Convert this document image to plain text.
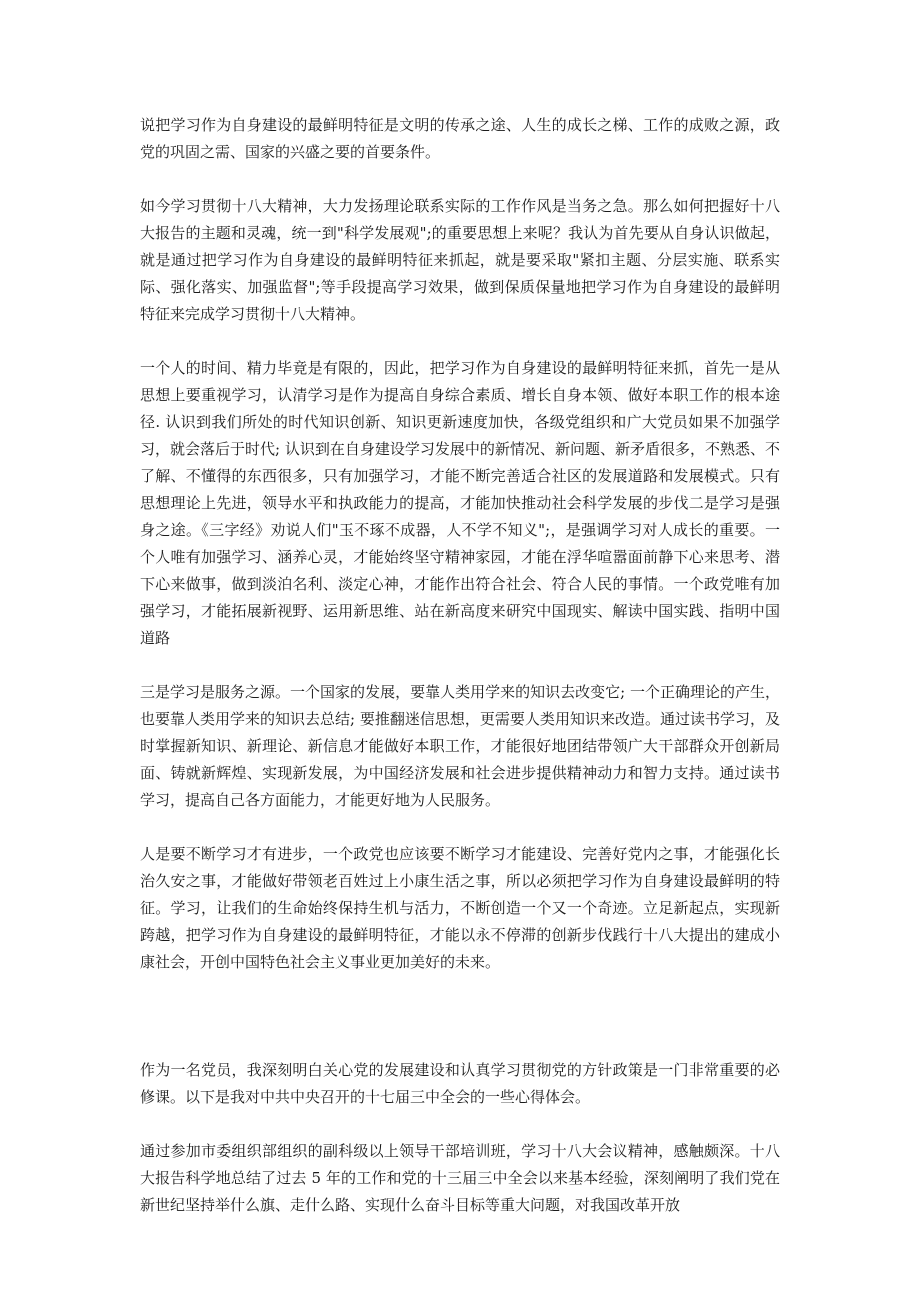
说把学习作为自身建设的最鲜明特征是文明的传承之途、人生的成长之梯、工作的成败之源，政党的巩固之需、国家的兴盛之要的首要条件。

如今学习贯彻十八大精神，大力发扬理论联系实际的工作作风是当务之急。那么如何把握好十八大报告的主题和灵魂，统一到"科学发展观";的重要思想上来呢？我认为首先要从自身认识做起，就是通过把学习作为自身建设的最鲜明特征来抓起，就是要采取"紧扣主题、分层实施、联系实际、强化落实、加强监督";等手段提高学习效果，做到保质保量地把学习作为自身建设的最鲜明特征来完成学习贯彻十八大精神。

一个人的时间、精力毕竟是有限的，因此，把学习作为自身建设的最鲜明特征来抓，首先一是从思想上要重视学习，认清学习是作为提高自身综合素质、增长自身本领、做好本职工作的根本途径. 认识到我们所处的时代知识创新、知识更新速度加快，各级党组织和广大党员如果不加强学习，就会落后于时代; 认识到在自身建设学习发展中的新情况、新问题、新矛盾很多，不熟悉、不了解、不懂得的东西很多，只有加强学习，才能不断完善适合社区的发展道路和发展模式。只有思想理论上先进，领导水平和执政能力的提高，才能加快推动社会科学发展的步伐二是学习是强身之途。《三字经》劝说人们"玉不琢不成器，人不学不知义";，是强调学习对人成长的重要。一个人唯有加强学习、涵养心灵，才能始终坚守精神家园，才能在浮华喧嚣面前静下心来思考、潜下心来做事，做到淡泊名利、淡定心神，才能作出符合社会、符合人民的事情。一个政党唯有加强学习，才能拓展新视野、运用新思维、站在新高度来研究中国现实、解读中国实践、指明中国道路

三是学习是服务之源。一个国家的发展，要靠人类用学来的知识去改变它; 一个正确理论的产生，也要靠人类用学来的知识去总结; 要推翻迷信思想，更需要人类用知识来改造。通过读书学习，及时掌握新知识、新理论、新信息才能做好本职工作，才能很好地团结带领广大干部群众开创新局面、铸就新辉煌、实现新发展，为中国经济发展和社会进步提供精神动力和智力支持。通过读书学习，提高自己各方面能力，才能更好地为人民服务。

人是要不断学习才有进步，一个政党也应该要不断学习才能建设、完善好党内之事，才能强化长治久安之事，才能做好带领老百姓过上小康生活之事，所以必须把学习作为自身建设最鲜明的特征。学习，让我们的生命始终保持生机与活力，不断创造一个又一个奇迹。立足新起点，实现新跨越，把学习作为自身建设的最鲜明特征，才能以永不停滞的创新步伐践行十八大提出的建成小康社会，开创中国特色社会主义事业更加美好的未来。

作为一名党员，我深刻明白关心党的发展建设和认真学习贯彻党的方针政策是一门非常重要的必修课。以下是我对中共中央召开的十七届三中全会的一些心得体会。

通过参加市委组织部组织的副科级以上领导干部培训班，学习十八大会议精神，感触颇深。十八大报告科学地总结了过去 5 年的工作和党的十三届三中全会以来基本经验，深刻阐明了我们党在新世纪坚持举什么旗、走什么路、实现什么奋斗目标等重大问题，对我国改革开放
